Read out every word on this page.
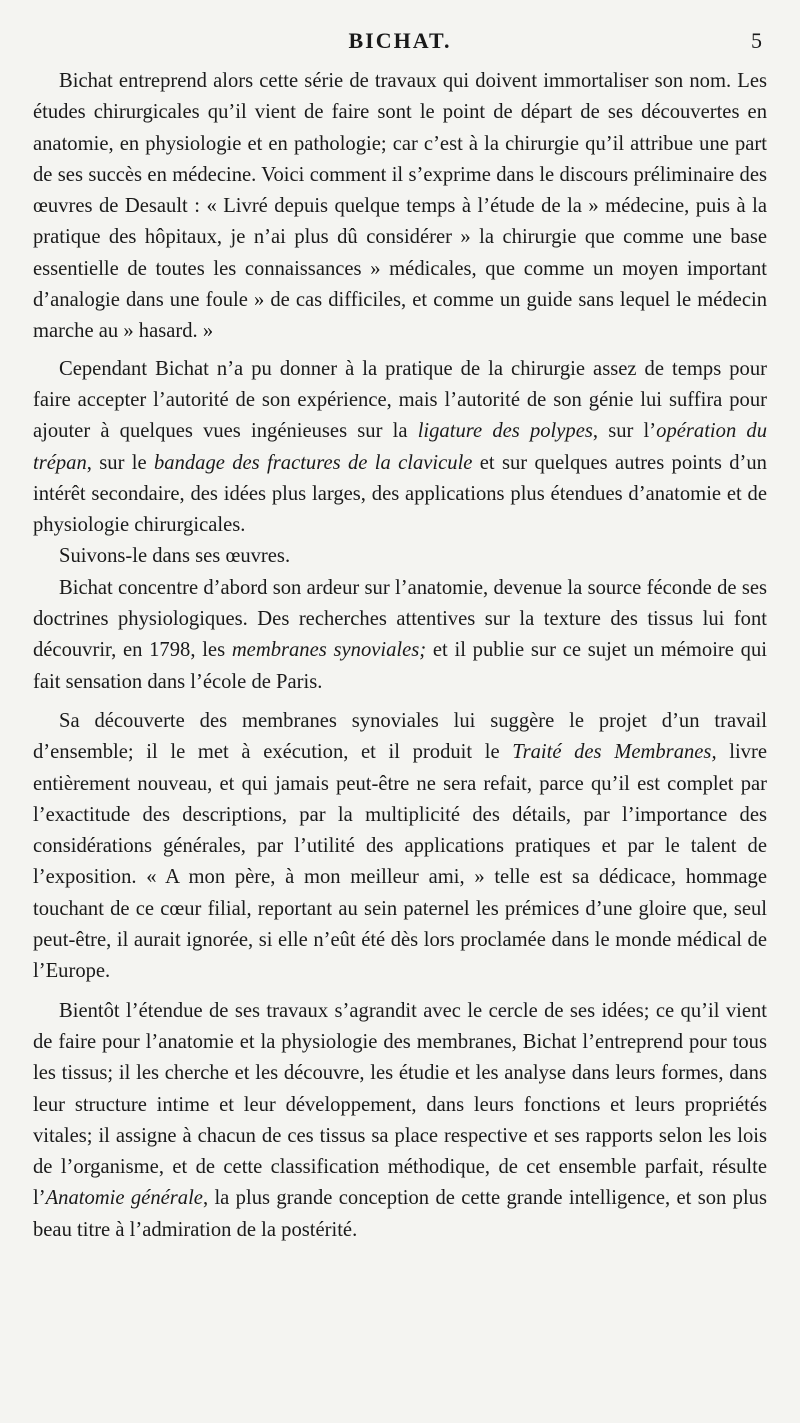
BICHAT.	5

Bichat entreprend alors cette série de travaux qui doivent immortaliser son nom. Les études chirurgicales qu’il vient de faire sont le point de départ de ses découvertes en anatomie, en physiologie et en pathologie; car c’est à la chirurgie qu’il attribue une part de ses succès en médecine. Voici comment il s’exprime dans le discours préliminaire des œuvres de Desault : « Livré depuis quelque temps à l’étude de la » médecine, puis à la pratique des hôpitaux, je n’ai plus dû considérer » la chirurgie que comme une base essentielle de toutes les connaissances » médicales, que comme un moyen important d’analogie dans une foule » de cas difficiles, et comme un guide sans lequel le médecin marche au » hasard. »

Cependant Bichat n’a pu donner à la pratique de la chirurgie assez de temps pour faire accepter l’autorité de son expérience, mais l’autorité de son génie lui suffira pour ajouter à quelques vues ingénieuses sur la ligature des polypes, sur l’opération du trépan, sur le bandage des fractures de la clavicule et sur quelques autres points d’un intérêt secondaire, des idées plus larges, des applications plus étendues d’anatomie et de physiologie chirurgicales.

Suivons-le dans ses œuvres.

Bichat concentre d’abord son ardeur sur l’anatomie, devenue la source féconde de ses doctrines physiologiques. Des recherches attentives sur la texture des tissus lui font découvrir, en 1798, les membranes synoviales; et il publie sur ce sujet un mémoire qui fait sensation dans l’école de Paris.

Sa découverte des membranes synoviales lui suggère le projet d’un travail d’ensemble; il le met à exécution, et il produit le Traité des Membranes, livre entièrement nouveau, et qui jamais peut-être ne sera refait, parce qu’il est complet par l’exactitude des descriptions, par la multiplicité des détails, par l’importance des considérations générales, par l’utilité des applications pratiques et par le talent de l’exposition. « A mon père, à mon meilleur ami, » telle est sa dédicace, hommage touchant de ce cœur filial, reportant au sein paternel les prémices d’une gloire que, seul peut-être, il aurait ignorée, si elle n’eût été dès lors proclamée dans le monde médical de l’Europe.

Bientôt l’étendue de ses travaux s’agrandit avec le cercle de ses idées; ce qu’il vient de faire pour l’anatomie et la physiologie des membranes, Bichat l’entreprend pour tous les tissus; il les cherche et les découvre, les étudie et les analyse dans leurs formes, dans leur structure intime et leur développement, dans leurs fonctions et leurs propriétés vitales; il assigne à chacun de ces tissus sa place respective et ses rapports selon les lois de l’organisme, et de cette classification méthodique, de cet ensemble parfait, résulte l’Anatomie générale, la plus grande conception de cette grande intelligence, et son plus beau titre à l’admiration de la postérité.
